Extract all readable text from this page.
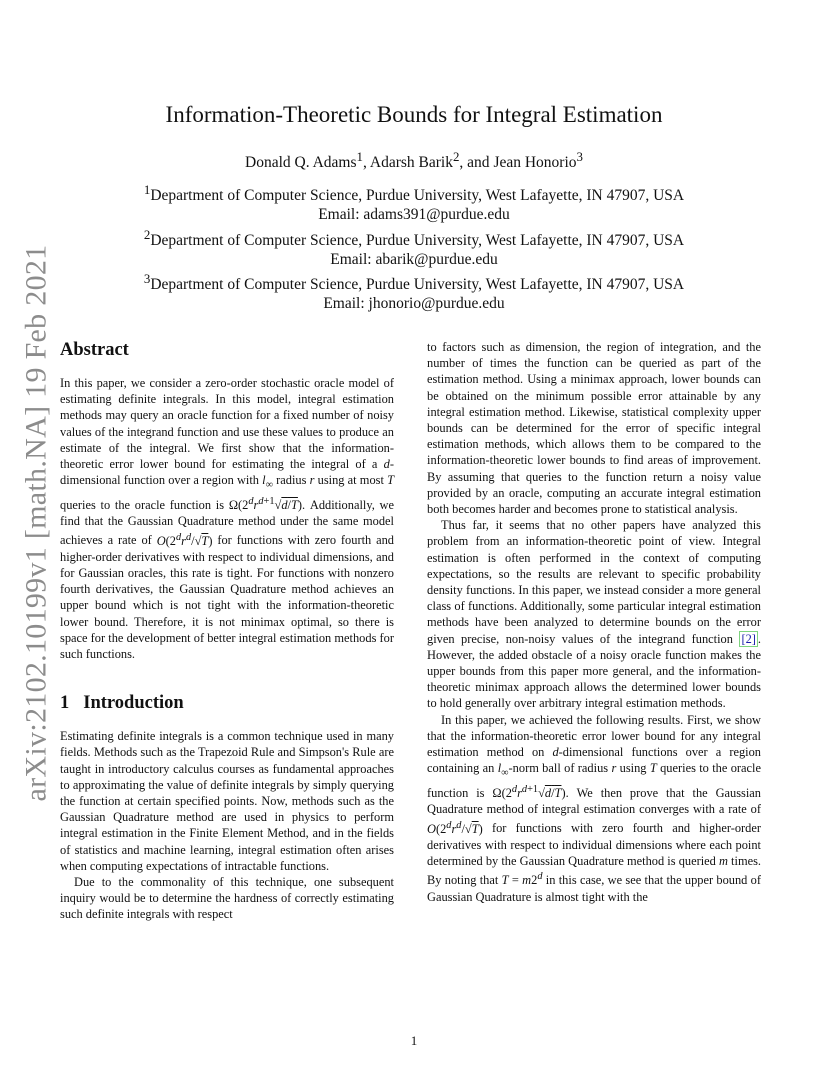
arXiv:2102.10199v1 [math.NA] 19 Feb 2021
Information-Theoretic Bounds for Integral Estimation
Donald Q. Adams$^1$, Adarsh Barik$^2$, and Jean Honorio$^3$
$^1$Department of Computer Science, Purdue University, West Lafayette, IN 47907, USA
Email: adams391@purdue.edu
$^2$Department of Computer Science, Purdue University, West Lafayette, IN 47907, USA
Email: abarik@purdue.edu
$^3$Department of Computer Science, Purdue University, West Lafayette, IN 47907, USA
Email: jhonorio@purdue.edu
Abstract

In this paper, we consider a zero-order stochastic oracle model of estimating definite integrals. In this model, integral estimation methods may query an oracle function for a fixed number of noisy values of the integrand function and use these values to produce an estimate of the integral. We first show that the information-theoretic error lower bound for estimating the integral of a d-dimensional function over a region with $l_\infty$ radius r using at most T queries to the oracle function is $\Omega(2^dr^{d+1}√d/T)$. Additionally, we find that the Gaussian Quadrature method under the same model achieves a rate of $O(2^dr^d/√T)$ for functions with zero fourth and higher-order derivatives with respect to individual dimensions, and for Gaussian oracles, this rate is tight. For functions with nonzero fourth derivatives, the Gaussian Quadrature method achieves an upper bound which is not tight with the information-theoretic lower bound. Therefore, it is not minimax optimal, so there is space for the development of better integral estimation methods for such functions.

1 Introduction

Estimating definite integrals is a common technique used in many fields. Methods such as the Trapezoid Rule and Simpson's Rule are taught in introductory calculus courses as fundamental approaches to approximating the value of definite integrals by simply querying the function at certain specified points. Now, methods such as the Gaussian Quadrature method are used in physics to perform integral estimation in the Finite Element Method, and in the fields of statistics and machine learning, integral estimation often arises when computing expectations of intractable functions.

Due to the commonality of this technique, one subsequent inquiry would be to determine the hardness of correctly estimating such definite integrals with respect

to factors such as dimension, the region of integration, and the number of times the function can be queried as part of the estimation method. Using a minimax approach, lower bounds can be obtained on the minimum possible error attainable by any integral estimation method. Likewise, statistical complexity upper bounds can be determined for the error of specific integral estimation methods, which allows them to be compared to the information-theoretic lower bounds to find areas of improvement. By assuming that queries to the function return a noisy value provided by an oracle, computing an accurate integral estimation both becomes harder and becomes prone to statistical analysis.

Thus far, it seems that no other papers have analyzed this problem from an information-theoretic point of view. Integral estimation is often performed in the context of computing expectations, so the results are relevant to specific probability density functions. In this paper, we instead consider a more general class of functions. Additionally, some particular integral estimation methods have been analyzed to determine bounds on the error given precise, non-noisy values of the integrand function [2] . However, the added obstacle of a noisy oracle function makes the upper bounds from this paper more general, and the information-theoretic minimax approach allows the determined lower bounds to hold generally over arbitrary integral estimation methods.

In this paper, we achieved the following results. First, we show that the information-theoretic error lower bound for any integral estimation method on d-dimensional functions over a region containing an $l_\infty$-norm ball of radius r using T queries to the oracle function is $\Omega(2^dr^{d+1}√d/T)$. We then prove that the Gaussian Quadrature method of integral estimation converges with a rate of $O(2^dr^d/√T)$ for functions with zero fourth and higher-order derivatives with respect to individual dimensions where each point determined by the Gaussian Quadrature method is queried m times. By noting that $T = m2^d$ in this case, we see that the upper bound of Gaussian Quadrature is almost tight with the

1
